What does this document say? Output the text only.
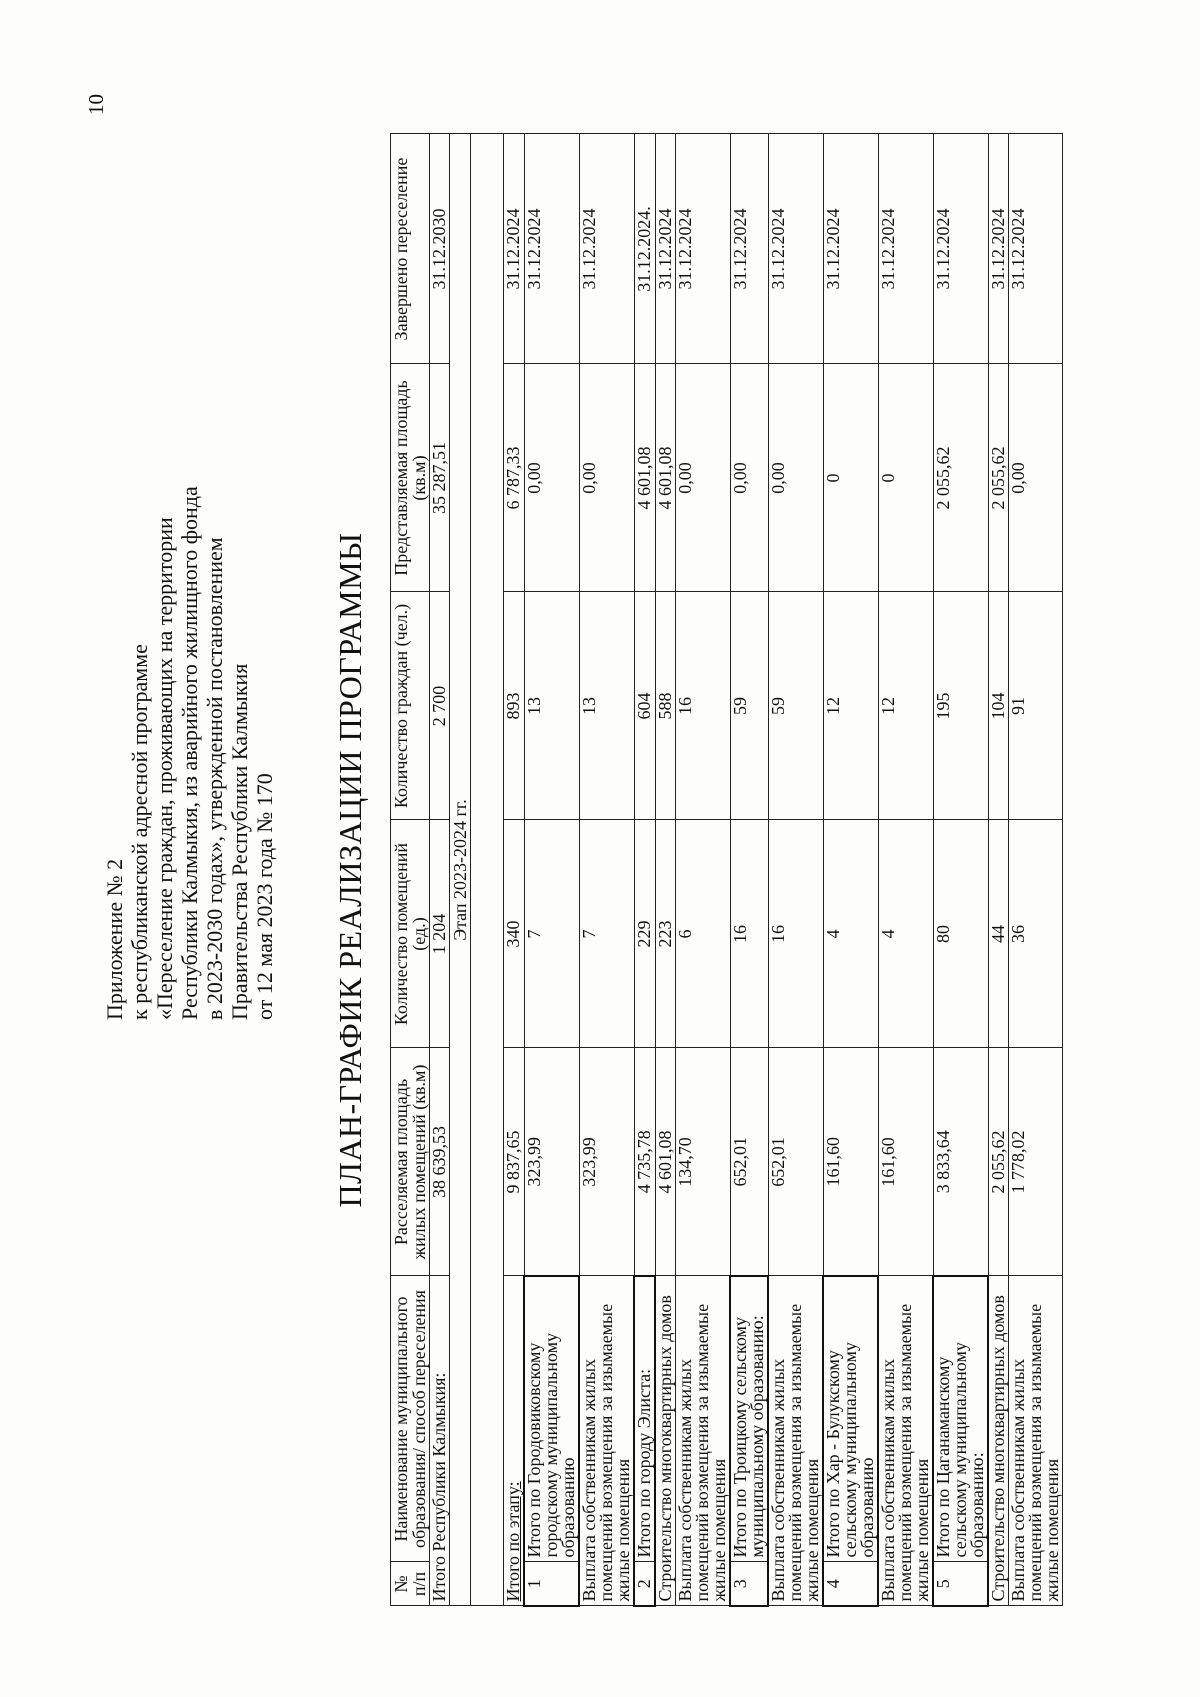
10
Приложение № 2 к республиканской адресной программе «Переселение граждан, проживающих на территории Республики Калмыкия, из аварийного жилищного фонда в 2023-2030 годах», утвержденной постановлением Правительства Республики Калмыкия от 12 мая 2023 года № 170 ПЛАН-ГРАФИК РЕАЛИЗАЦИИ ПРОГРАММЫ
№ п/п	Наименование муниципального образования/ способ переселения	Расселяемая площадь жилых помещений (кв.м)	Количество помещений (ед.)	Количество граждан (чел.)	Представляемая площадь (кв.м)	Завершено переселение
Итого Республики Калмыкия:		38 639,53	1 204	2 700	35 287,51	31.12.2030
Этап 2023-2024 гг.						

Итого по этапу:		9 837,65	340	893	6 787,33	31.12.2024
1	Итого по Городовиковскому городскому муниципальному образованию	323,99	7	13	0,00	31.12.2024
Выплата собственникам жилых помещений возмещения за изымаемые жилые помещения		323,99	7	13	0,00	31.12.2024
2	Итого по городу Элиста:	4 735,78	229	604	4 601,08	31.12.2024.
Строительство многоквартирных домов		4 601,08	223	588	4 601,08	31.12.2024
Выплата собственникам жилых помещений возмещения за изымаемые жилые помещения		134,70	6	16	0,00	31.12.2024
3	Итого по Троицкому сельскому муниципальному образованию:	652,01	16	59	0,00	31.12.2024
Выплата собственникам жилых помещений возмещения за изымаемые жилые помещения		652,01	16	59	0,00	31.12.2024
4	Итого по Хар - Булукскому сельскому муниципальному образованию	161,60	4	12	0	31.12.2024
Выплата собственникам жилых помещений возмещения за изымаемые жилые помещения		161,60	4	12	0	31.12.2024
5	Итого по Цаганаманскому сельскому муниципальному образованию:	3 833,64	80	195	2 055,62	31.12.2024
Строительство многоквартирных домов		2 055,62	44	104	2 055,62	31.12.2024
Выплата собственникам жилых помещений возмещения за изымаемые жилые помещения		1 778,02	36	91	0,00	31.12.2024
